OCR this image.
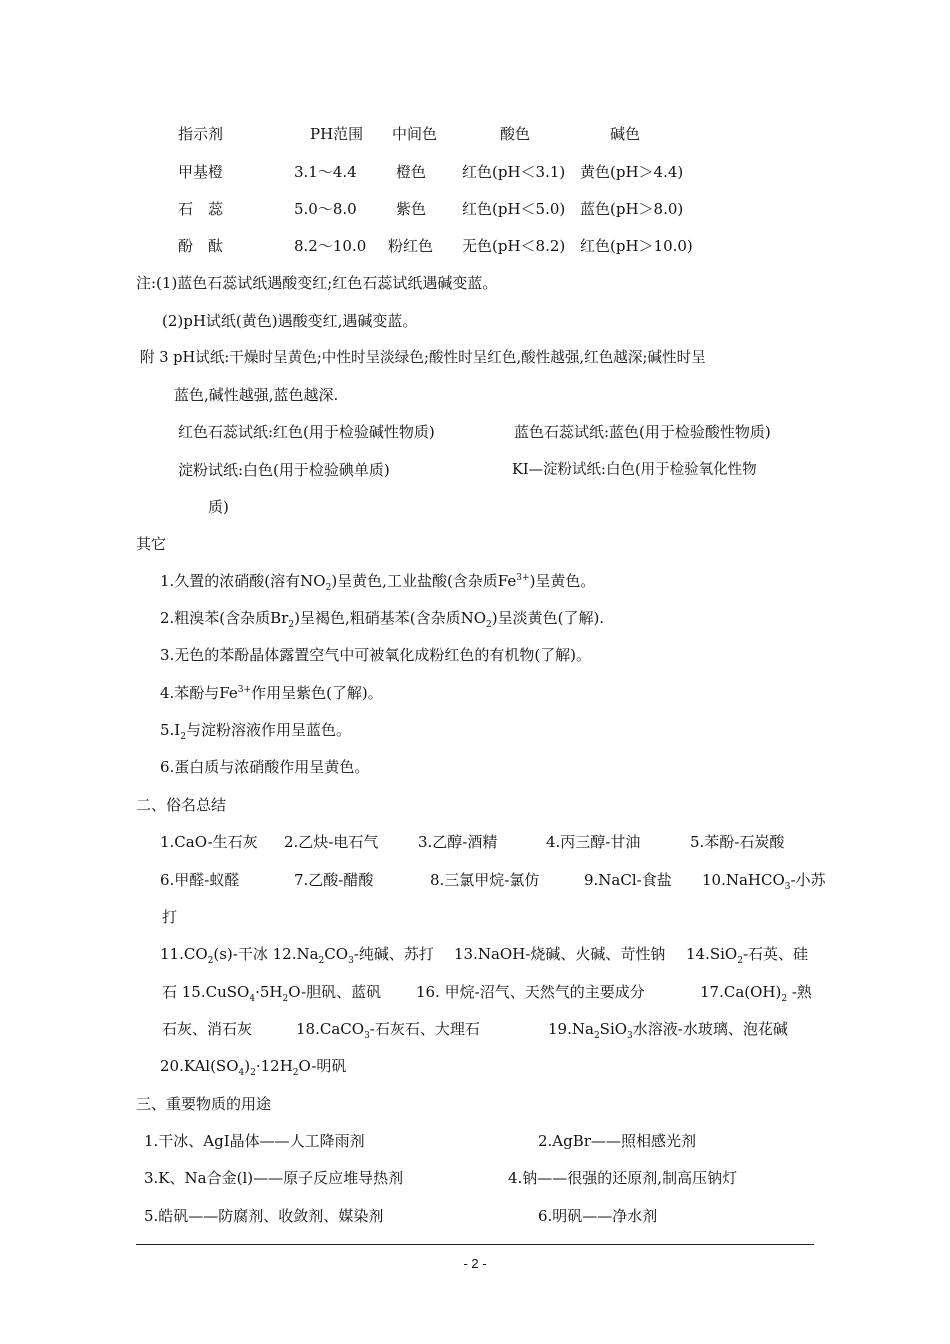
指示剂	PH范围 中间色	酸色	碱色
甲基橙	3.1～4.4	橙色 红色(pH＜3.1) 黄色(pH＞4.4)
石　蕊	5.0～8.0	紫色 红色(pH＜5.0) 蓝色(pH＞8.0)
酚　酞	8.2～10.0 粉红色 无色(pH＜8.2) 红色(pH＞10.0)
注:(1)蓝色石蕊试纸遇酸变红;红色石蕊试纸遇碱变蓝。
(2)pH试纸(黄色)遇酸变红,遇碱变蓝。
附 3 pH试纸:干燥时呈黄色;中性时呈淡绿色;酸性时呈红色,酸性越强,红色越深;碱性时呈
蓝色,碱性越强,蓝色越深.
红色石蕊试纸:红色(用于检验碱性物质)	蓝色石蕊试纸:蓝色(用于检验酸性物质)
淀粉试纸:白色(用于检验碘单质)	KI—淀粉试纸:白色(用于检验氧化性物
质)
其它
1.久置的浓硝酸(溶有$NO_2$)呈黄色,工业盐酸(含杂质$Fe^{3+}$)呈黄色。
2.粗溴苯(含杂质$Br_2$)呈褐色,粗硝基苯(含杂质$NO_2$)呈淡黄色(了解).
3.无色的苯酚晶体露置空气中可被氧化成粉红色的有机物(了解)。
4.苯酚与$Fe^{3+}$作用呈紫色(了解)。
$5.I_2$与淀粉溶液作用呈蓝色。
6.蛋白质与浓硝酸作用呈黄色。
二、俗名总结
1.CaO-生石灰 2.乙炔-电石气	3.乙醇-酒精	4.丙三醇-甘油	5.苯酚-石炭酸
6.甲醛-蚁醛	7.乙酸-醋酸	8.三氯甲烷-氯仿	9.NaCl-食盐 10.NaHCO$_3$-小苏
打
$11.CO_2(s)-$干冰 $12.Na_2CO_3-$纯碱、苏打 13.NaOH-烧碱、火碱、苛性钠 14.SiO$_2$-石英、硅
石 $15.CuSO_4\cdot 5H_2O-$胆矾、蓝矾 16. 甲烷-沼气、天然气的主要成分	$17.Ca(OH)_2$ -熟
石灰、消石灰	18.CaCO$_3$-石灰石、大理石	$19.Na_2SiO_3$水溶液-水玻璃、泡花碱
$20.KAl(SO_4)_2\cdot 12H_2O-$明矾
三、重要物质的用途
1.干冰、AgI晶体——人工降雨剂	2.AgBr——照相感光剂
3.K、Na合金(l)——原子反应堆导热剂	4.钠——很强的还原剂,制高压钠灯
5.皓矾——防腐剂、收敛剂、媒染剂	6.明矾——净水剂
- 2 -
